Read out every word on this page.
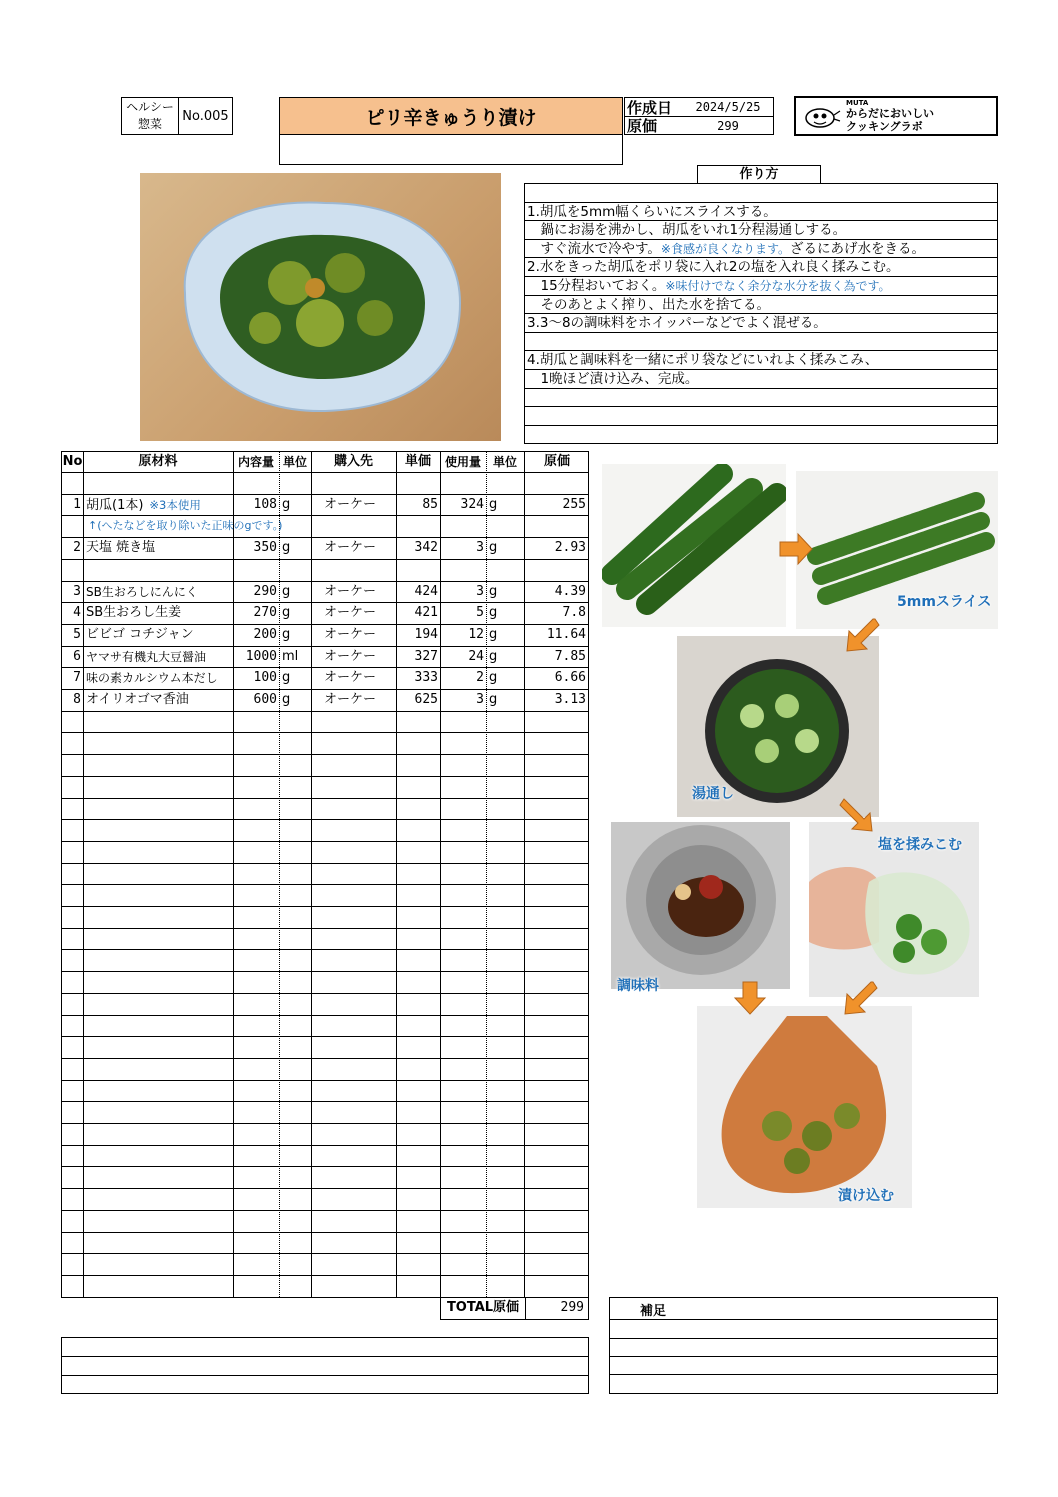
ヘルシー
惣菜
No.005	ピリ辛きゅうり漬け	作成日	2024/5/25
原価	299
MUTA
からだにおいしい
クッキングラボ
作り方
1.胡瓜を5mm幅くらいにスライスする。
　鍋にお湯を沸かし、胡瓜をいれ1分程湯通しする。
　すぐ流水で冷やす。※食感が良くなります。ざるにあげ水をきる。
2.水をきった胡瓜をポリ袋に入れ2の塩を入れ良く揉みこむ。
　15分程おいておく。※味付けでなく余分な水分を抜く為です。
　そのあとよく搾り、出た水を捨てる。
3.3～8の調味料をホイッパーなどでよく混ぜる。
4.胡瓜と調味料を一緒にポリ袋などにいれよく揉みこみ、
　1晩ほど漬け込み、完成。
No	原材料	内容量 単位	購入先	単価	使用量 単位	原価
1 胡瓜(1本) ※3本使用	108 g	オーケー	85	324 g	255
2 天塩 焼き塩	350 g	オーケー	342	3 g	2.93
3 SB生おろしにんにく	290 g	オーケー	424	3 g	4.39
4 SB生おろし生姜	270 g	オーケー	421	5 g	7.8
5 ビビゴ コチジャン	200 g	オーケー	194	12 g	11.64
6 ヤマサ有機丸大豆醤油	1000 ml	オーケー	327	24 g	7.85
7 味の素カルシウム本だし	100 g	オーケー	333	2 g	6.66
8 オイリオゴマ香油	600 g	オーケー	625	3 g	3.13
↑(へたなどを取り除いた正味のgです。)
TOTAL原価	299	補足
5mmスライス
湯通し
塩を揉みこむ
調味料
漬け込む
